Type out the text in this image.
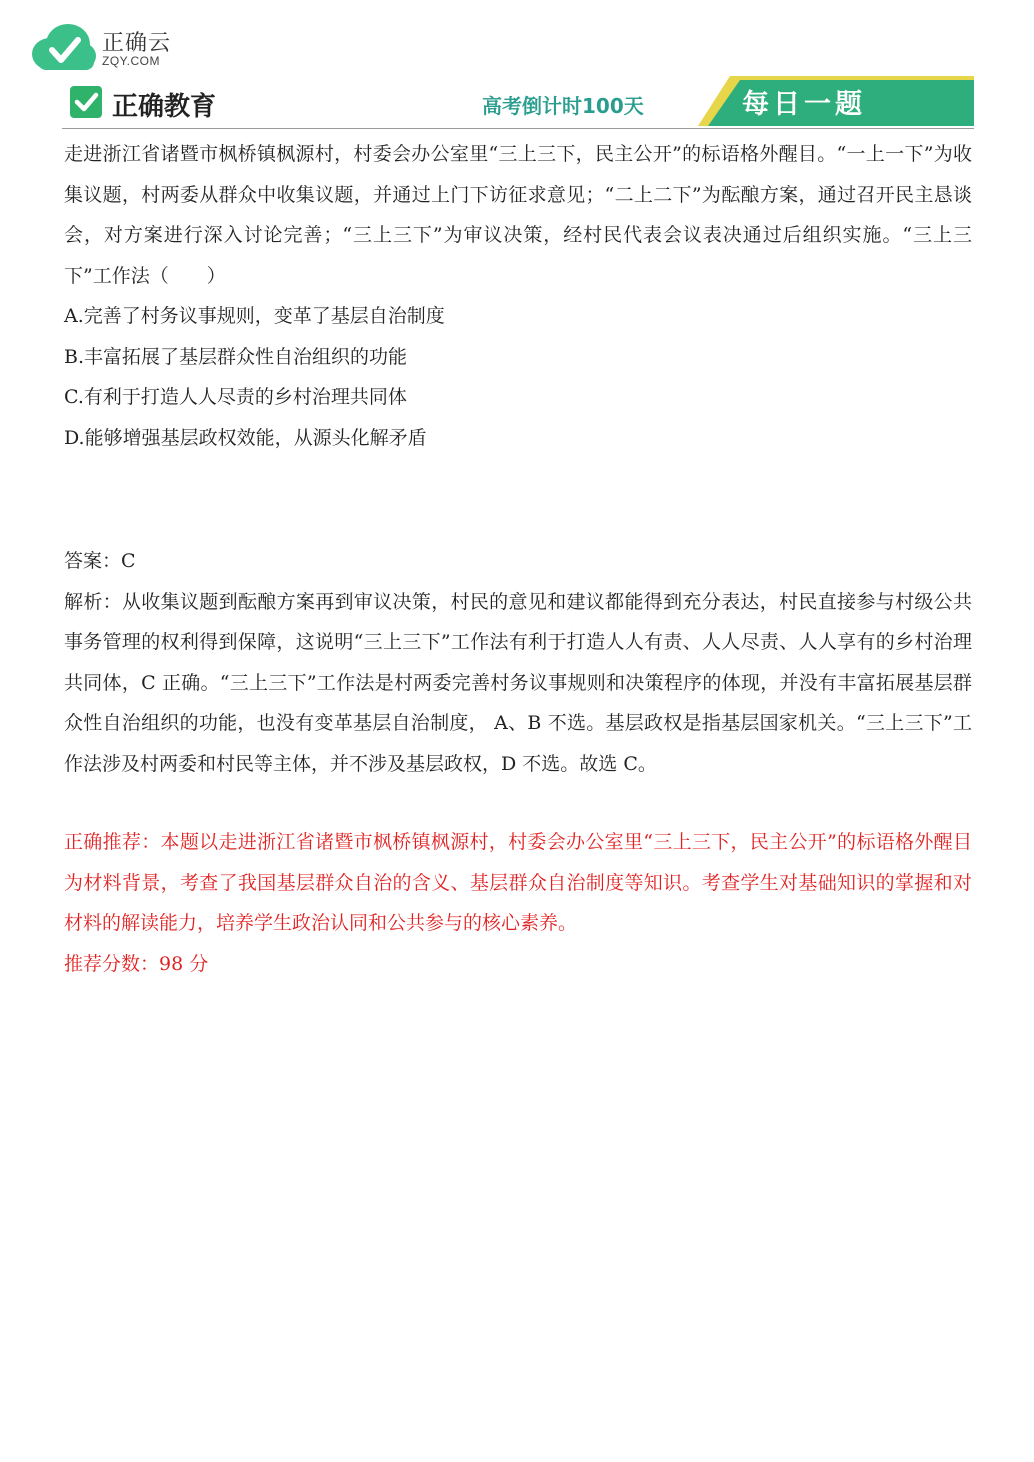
正确云
ZQY.COM
正确教育	高考倒计时100天	每日一题

走进浙江省诸暨市枫桥镇枫源村，村委会办公室里“三上三下，民主公开”的标语格外醒目。“一上一下”为收集议题，村两委从群众中收集议题，并通过上门下访征求意见；“二上二下”为酝酿方案，通过召开民主恳谈会，对方案进行深入讨论完善；“三上三下”为审议决策，经村民代表会议表决通过后组织实施。“三上三下”工作法（　　）

A.完善了村务议事规则，变革了基层自治制度

B.丰富拓展了基层群众性自治组织的功能

C.有利于打造人人尽责的乡村治理共同体

D.能够增强基层政权效能，从源头化解矛盾

答案：C

解析：从收集议题到酝酿方案再到审议决策，村民的意见和建议都能得到充分表达，村民直接参与村级公共事务管理的权利得到保障，这说明“三上三下”工作法有利于打造人人有责、人人尽责、人人享有的乡村治理共同体，C 正确。“三上三下”工作法是村两委完善村务议事规则和决策程序的体现，并没有丰富拓展基层群众性自治组织的功能，也没有变革基层自治制度， A、B 不选。基层政权是指基层国家机关。“三上三下”工作法涉及村两委和村民等主体，并不涉及基层政权，D 不选。故选 C。

正确推荐：本题以走进浙江省诸暨市枫桥镇枫源村，村委会办公室里“三上三下，民主公开”的标语格外醒目为材料背景，考查了我国基层群众自治的含义、基层群众自治制度等知识。考查学生对基础知识的掌握和对材料的解读能力，培养学生政治认同和公共参与的核心素养。

推荐分数：98 分
